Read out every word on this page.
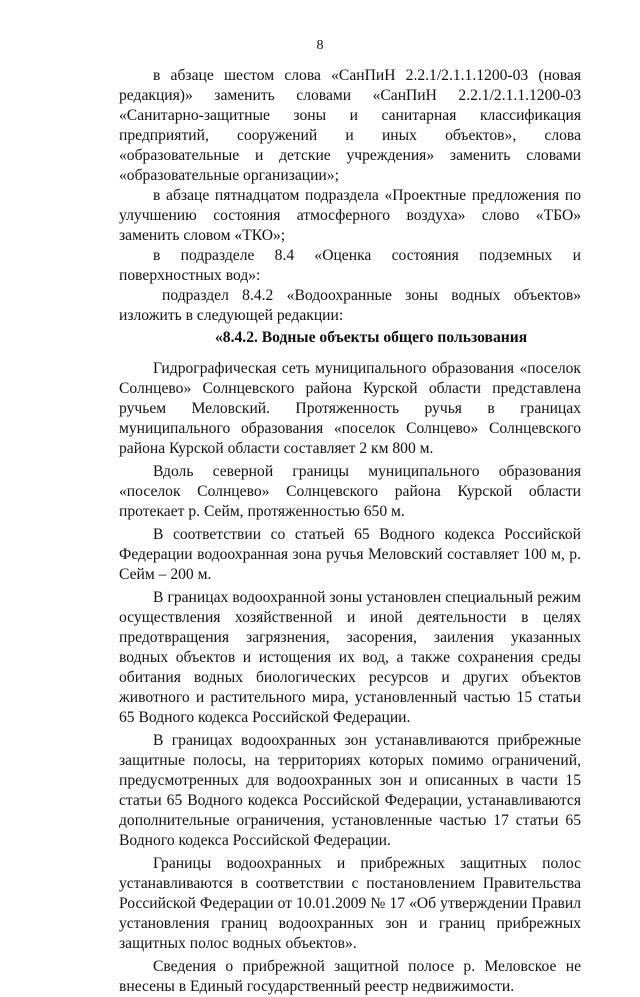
8

в абзаце шестом слова «СанПиН 2.2.1/2.1.1.1200-03 (новая редакция)» заменить словами «СанПиН 2.2.1/2.1.1.1200-03 «Санитарно-защитные зоны и санитарная классификация предприятий, сооружений и иных объектов», слова «образовательные и детские учреждения» заменить словами «образовательные организации»;

в абзаце пятнадцатом подраздела «Проектные предложения по улучшению состояния атмосферного воздуха» слово «ТБО» заменить словом «ТКО»;

в подразделе 8.4 «Оценка состояния подземных и поверхностных вод»:

подраздел 8.4.2 «Водоохранные зоны водных объектов» изложить в следующей редакции:

«8.4.2. Водные объекты общего пользования

Гидрографическая сеть муниципального образования «поселок Солнцево» Солнцевского района Курской области представлена ручьем Меловский. Протяженность ручья в границах муниципального образования «поселок Солнцево» Солнцевского района Курской области составляет 2 км 800 м.

Вдоль северной границы муниципального образования «поселок Солнцево» Солнцевского района Курской области протекает р. Сейм, протяженностью 650 м.

В соответствии со статьей 65 Водного кодекса Российской Федерации водоохранная зона ручья Меловский составляет 100 м, р. Сейм – 200 м.

В границах водоохранной зоны установлен специальный режим осуществления хозяйственной и иной деятельности в целях предотвращения загрязнения, засорения, заиления указанных водных объектов и истощения их вод, а также сохранения среды обитания водных биологических ресурсов и других объектов животного и растительного мира, установленный частью 15 статьи 65 Водного кодекса Российской Федерации.

В границах водоохранных зон устанавливаются прибрежные защитные полосы, на территориях которых помимо ограничений, предусмотренных для водоохранных зон и описанных в части 15 статьи 65 Водного кодекса Российской Федерации, устанавливаются дополнительные ограничения, установленные частью 17 статьи 65 Водного кодекса Российской Федерации.

Границы водоохранных и прибрежных защитных полос устанавливаются в соответствии с постановлением Правительства Российской Федерации от 10.01.2009 № 17 «Об утверждении Правил установления границ водоохранных зон и границ прибрежных защитных полос водных объектов».

Сведения о прибрежной защитной полосе р. Меловское не внесены в Единый государственный реестр недвижимости.
